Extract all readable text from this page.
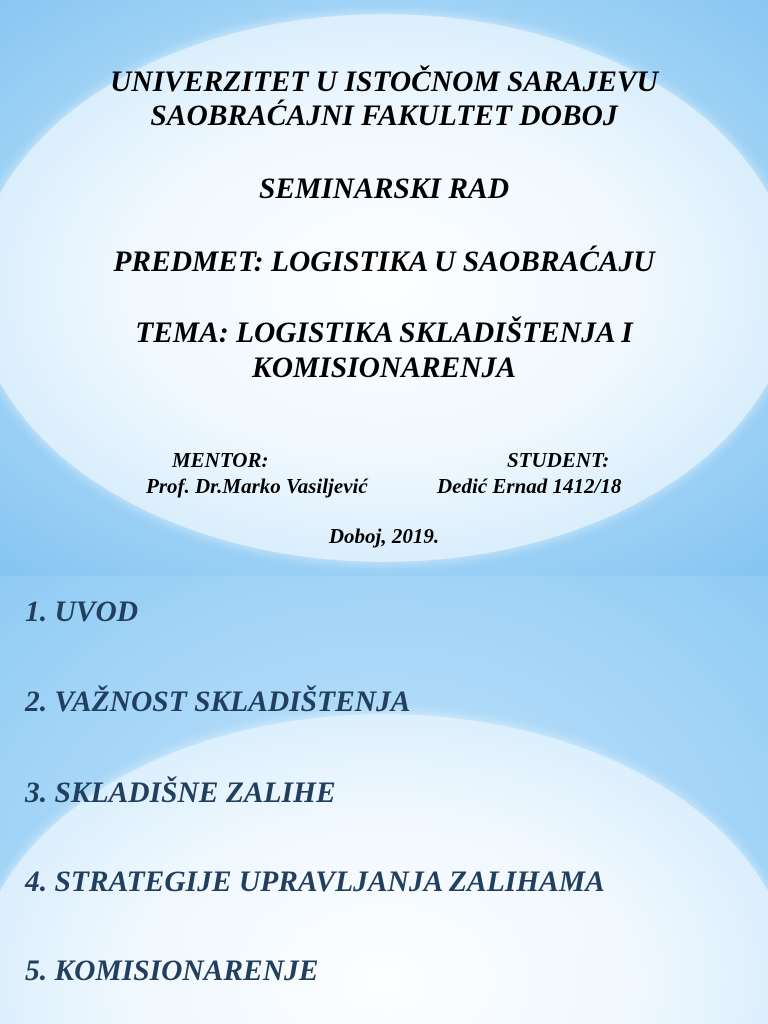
UNIVERZITET U ISTOČNOM SARAJEVU

SAOBRAĆAJNI FAKULTET DOBOJ

SEMINARSKI RAD

PREDMET: LOGISTIKA U SAOBRAĆAJU

TEMA: LOGISTIKA SKLADIŠTENJA I

KOMISIONARENJA

MENTOR:	STUDENT:

Prof. Dr.Marko Vasiljević	Dedić Ernad 1412/18

Doboj, 2019.

1. UVOD

2. VAŽNOST SKLADIŠTENJA

3. SKLADIŠNE ZALIHE

4. STRATEGIJE UPRAVLJANJA ZALIHAMA

5. KOMISIONARENJE
